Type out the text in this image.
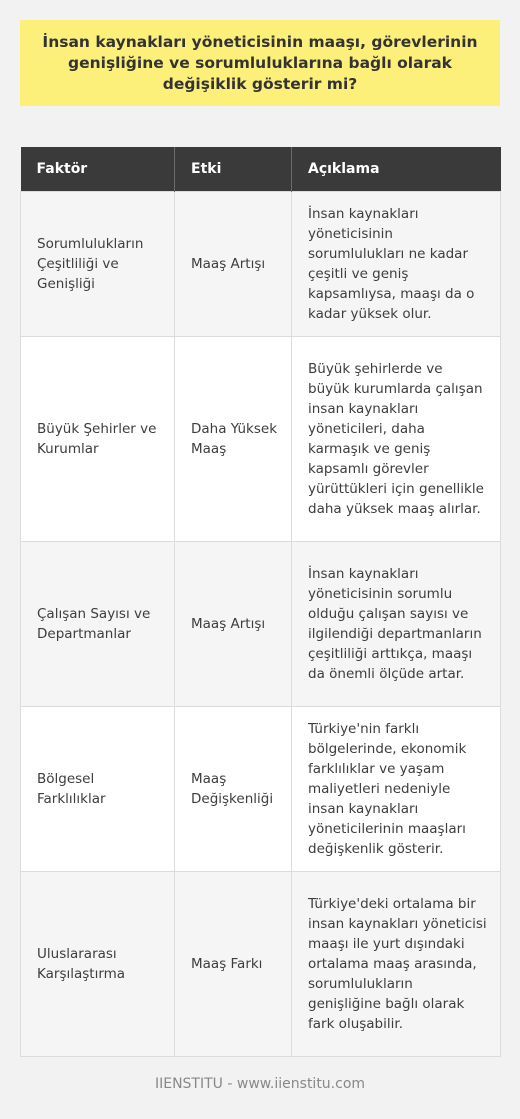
İnsan kaynakları yöneticisinin maaşı, görevlerinin genişliğine ve sorumluluklarına bağlı olarak değişiklik gösterir mi?

Faktör	Etki	Açıklama
Sorumlulukların Çeşitliliği ve Genişliği	Maaş Artışı	İnsan kaynakları yöneticisinin sorumlulukları ne kadar çeşitli ve geniş kapsamlıysa, maaşı da o kadar yüksek olur.
Büyük Şehirler ve Kurumlar	Daha Yüksek Maaş	Büyük şehirlerde ve büyük kurumlarda çalışan insan kaynakları yöneticileri, daha karmaşık ve geniş kapsamlı görevler yürüttükleri için genellikle daha yüksek maaş alırlar.
Çalışan Sayısı ve Departmanlar	Maaş Artışı	İnsan kaynakları yöneticisinin sorumlu olduğu çalışan sayısı ve ilgilendiği departmanların çeşitliliği arttıkça, maaşı da önemli ölçüde artar.
Bölgesel Farklılıklar	Maaş Değişkenliği	Türkiye'nin farklı bölgelerinde, ekonomik farklılıklar ve yaşam maliyetleri nedeniyle insan kaynakları yöneticilerinin maaşları değişkenlik gösterir.
Uluslararası Karşılaştırma	Maaş Farkı	Türkiye'deki ortalama bir insan kaynakları yöneticisi maaşı ile yurt dışındaki ortalama maaş arasında, sorumlulukların genişliğine bağlı olarak fark oluşabilir.
IIENSTITU - www.iienstitu.com
